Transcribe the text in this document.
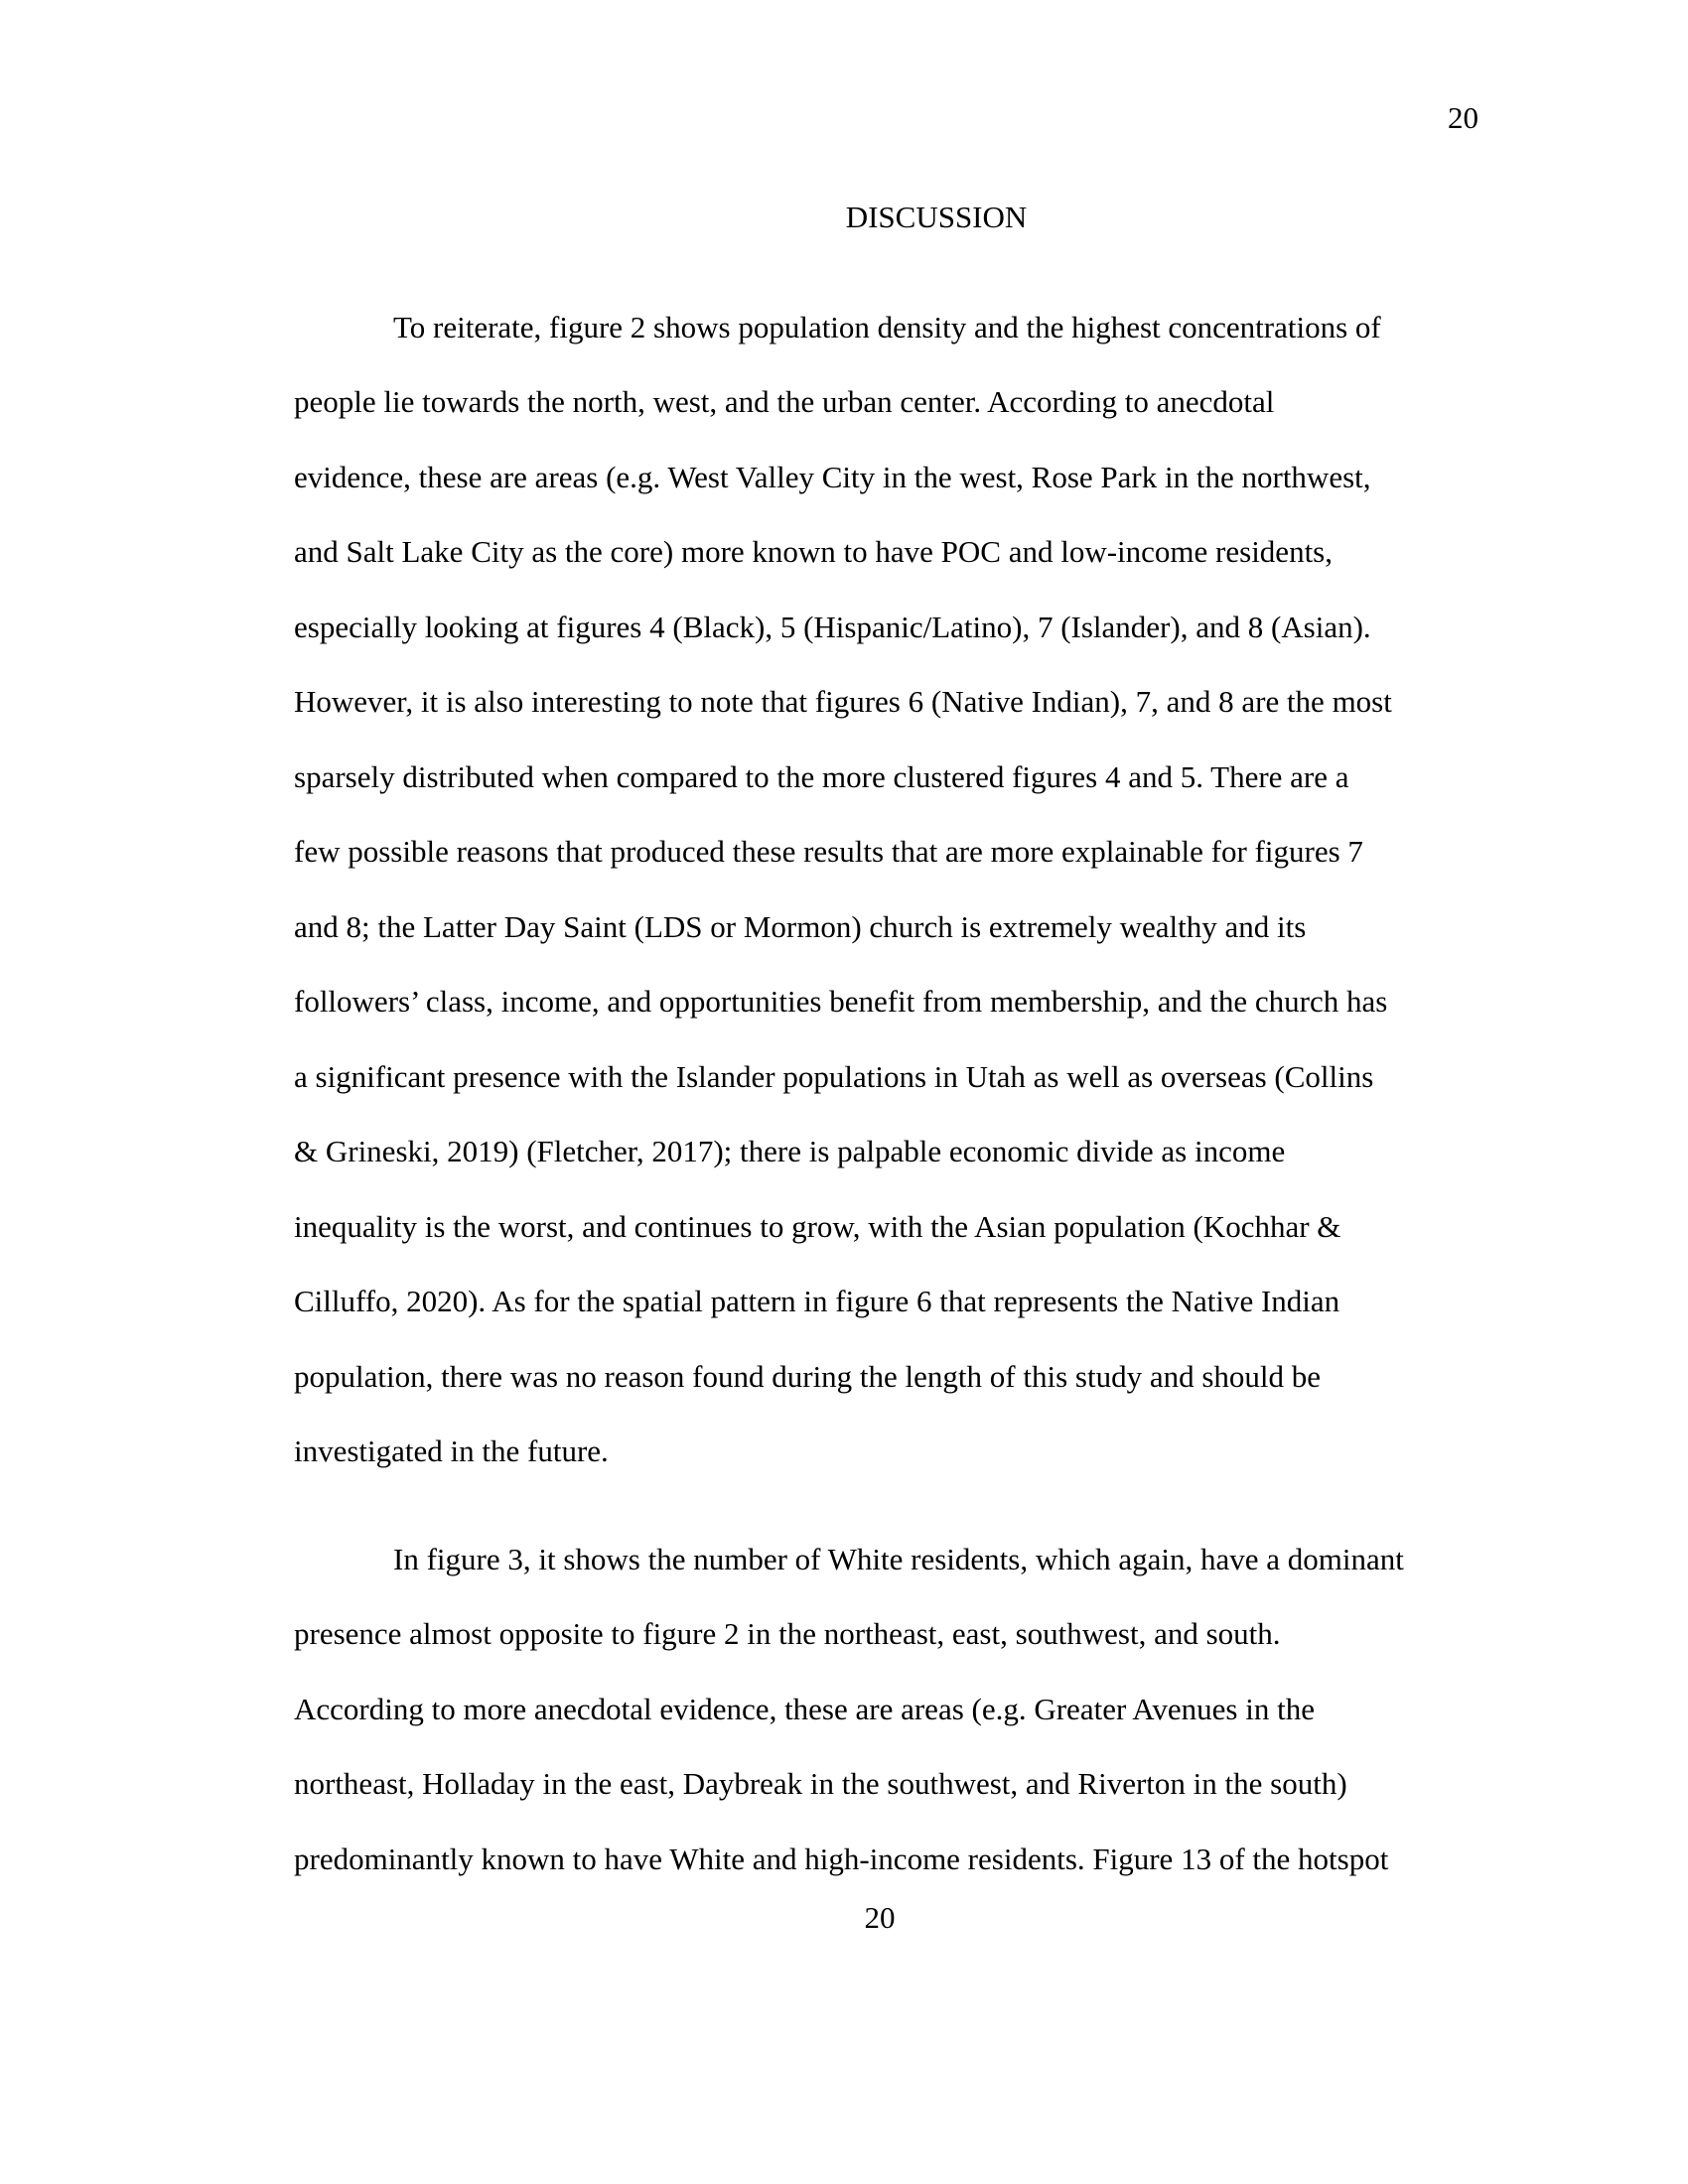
20
DISCUSSION
To reiterate, figure 2 shows population density and the highest concentrations of
people lie towards the north, west, and the urban center. According to anecdotal
evidence, these are areas (e.g. West Valley City in the west, Rose Park in the northwest,
and Salt Lake City as the core) more known to have POC and low-income residents,
especially looking at figures 4 (Black), 5 (Hispanic/Latino), 7 (Islander), and 8 (Asian).
However, it is also interesting to note that figures 6 (Native Indian), 7, and 8 are the most
sparsely distributed when compared to the more clustered figures 4 and 5. There are a
few possible reasons that produced these results that are more explainable for figures 7
and 8; the Latter Day Saint (LDS or Mormon) church is extremely wealthy and its
followers’ class, income, and opportunities benefit from membership, and the church has
a significant presence with the Islander populations in Utah as well as overseas (Collins
& Grineski, 2019) (Fletcher, 2017); there is palpable economic divide as income
inequality is the worst, and continues to grow, with the Asian population (Kochhar &
Cilluffo, 2020). As for the spatial pattern in figure 6 that represents the Native Indian
population, there was no reason found during the length of this study and should be
investigated in the future.
In figure 3, it shows the number of White residents, which again, have a dominant
presence almost opposite to figure 2 in the northeast, east, southwest, and south.
According to more anecdotal evidence, these are areas (e.g. Greater Avenues in the
northeast, Holladay in the east, Daybreak in the southwest, and Riverton in the south)
predominantly known to have White and high-income residents. Figure 13 of the hotspot
20
